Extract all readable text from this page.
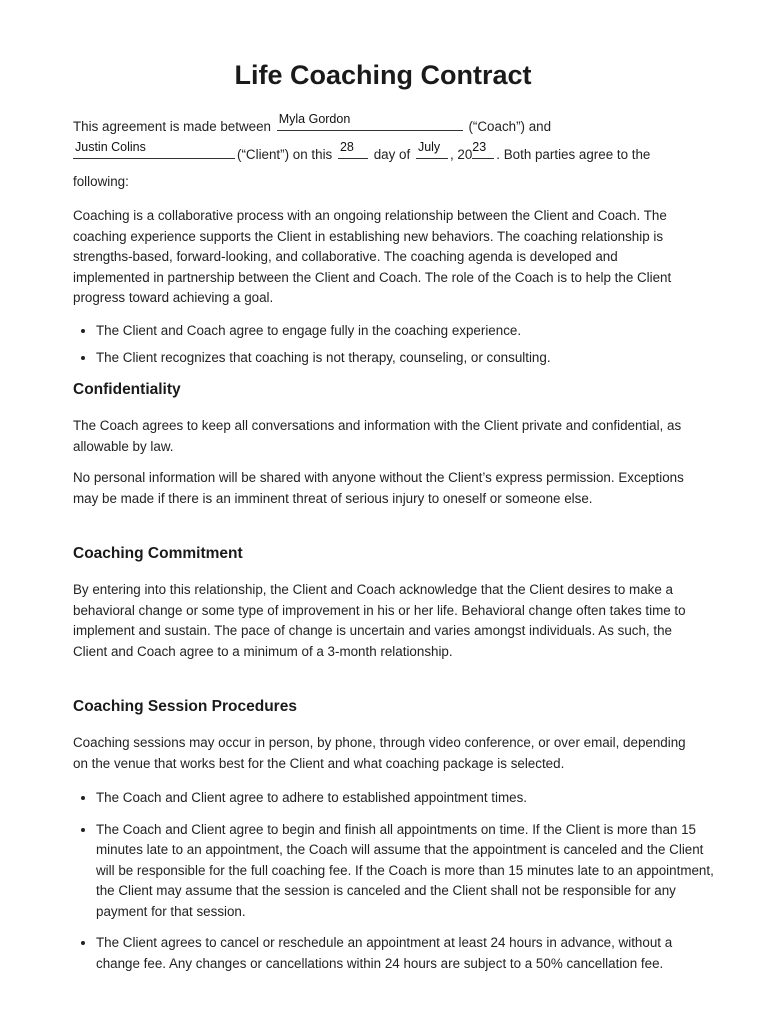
Life Coaching Contract
This agreement is made between Myla Gordon	(“Coach”) and
Justin Colins	(“Client”) on this 28 day of July , 20 23 . Both parties agree to the
following:

Coaching is a collaborative process with an ongoing relationship between the Client and Coach. The coaching experience supports the Client in establishing new behaviors. The coaching relationship is strengths-based, forward-looking, and collaborative. The coaching agenda is developed and implemented in partnership between the Client and Coach. The role of the Coach is to help the Client progress toward achieving a goal.

• The Client and Coach agree to engage fully in the coaching experience.
• The Client recognizes that coaching is not therapy, counseling, or consulting.
Confidentiality

The Coach agrees to keep all conversations and information with the Client private and confidential, as allowable by law.

No personal information will be shared with anyone without the Client’s express permission. Exceptions may be made if there is an imminent threat of serious injury to oneself or someone else.

Coaching Commitment

By entering into this relationship, the Client and Coach acknowledge that the Client desires to make a behavioral change or some type of improvement in his or her life. Behavioral change often takes time to implement and sustain. The pace of change is uncertain and varies amongst individuals. As such, the Client and Coach agree to a minimum of a 3-month relationship.

Coaching Session Procedures

Coaching sessions may occur in person, by phone, through video conference, or over email, depending on the venue that works best for the Client and what coaching package is selected.

• The Coach and Client agree to adhere to established appointment times.
• The Coach and Client agree to begin and finish all appointments on time. If the Client is more than 15 minutes late to an appointment, the Coach will assume that the appointment is canceled and the Client will be responsible for the full coaching fee. If the Coach is more than 15 minutes late to an appointment, the Client may assume that the session is canceled and the Client shall not be responsible for any payment for that session.
• The Client agrees to cancel or reschedule an appointment at least 24 hours in advance, without a change fee. Any changes or cancellations within 24 hours are subject to a 50% cancellation fee.
